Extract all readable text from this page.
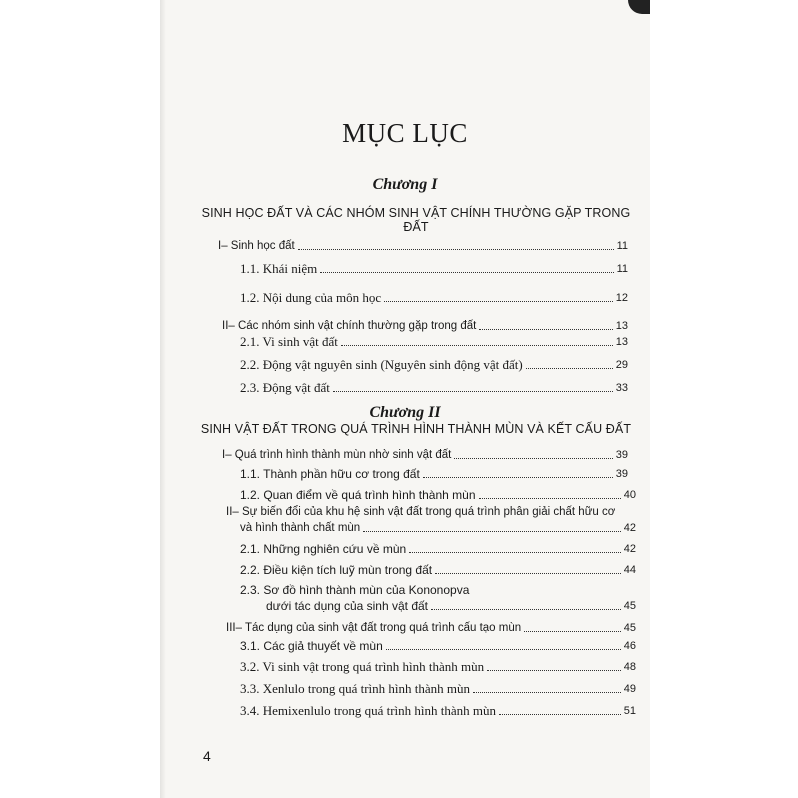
MỤC LỤC
Chương I
SINH HỌC ĐẤT VÀ CÁC NHÓM SINH VẬT CHÍNH THƯỜNG GẶP TRONG ĐẤT
I– Sinh học đất	11
1.1. Khái niệm	11
1.2. Nội dung của môn học	12
II– Các nhóm sinh vật chính thường gặp trong đất	13
2.1. Vi sinh vật đất	13
2.2. Động vật nguyên sinh (Nguyên sinh động vật đất)	29
2.3. Động vật đất	33
Chương II
SINH VẬT ĐẤT TRONG QUÁ TRÌNH HÌNH THÀNH MÙN VÀ KẾT CẤU ĐẤT
I– Quá trình hình thành mùn nhờ sinh vật đất	39
1.1. Thành phần hữu cơ trong đất	39
1.2. Quan điểm về quá trình hình thành mùn	40
II– Sự biến đổi của khu hệ sinh vật đất trong quá trình phân giải chất hữu cơ
và hình thành chất mùn	42
2.1. Những nghiên cứu về mùn	42
2.2. Điều kiện tích luỹ mùn trong đất	44
2.3. Sơ đồ hình thành mùn của Kononopva
dưới tác dụng của sinh vật đất	45
III– Tác dụng của sinh vật đất trong quá trình cấu tạo mùn	45
3.1. Các giả thuyết về mùn	46
3.2. Vi sinh vật trong quá trình hình thành mùn	48
3.3. Xenlulo trong quá trình hình thành mùn	49
3.4. Hemixenlulo trong quá trình hình thành mùn	51
4
